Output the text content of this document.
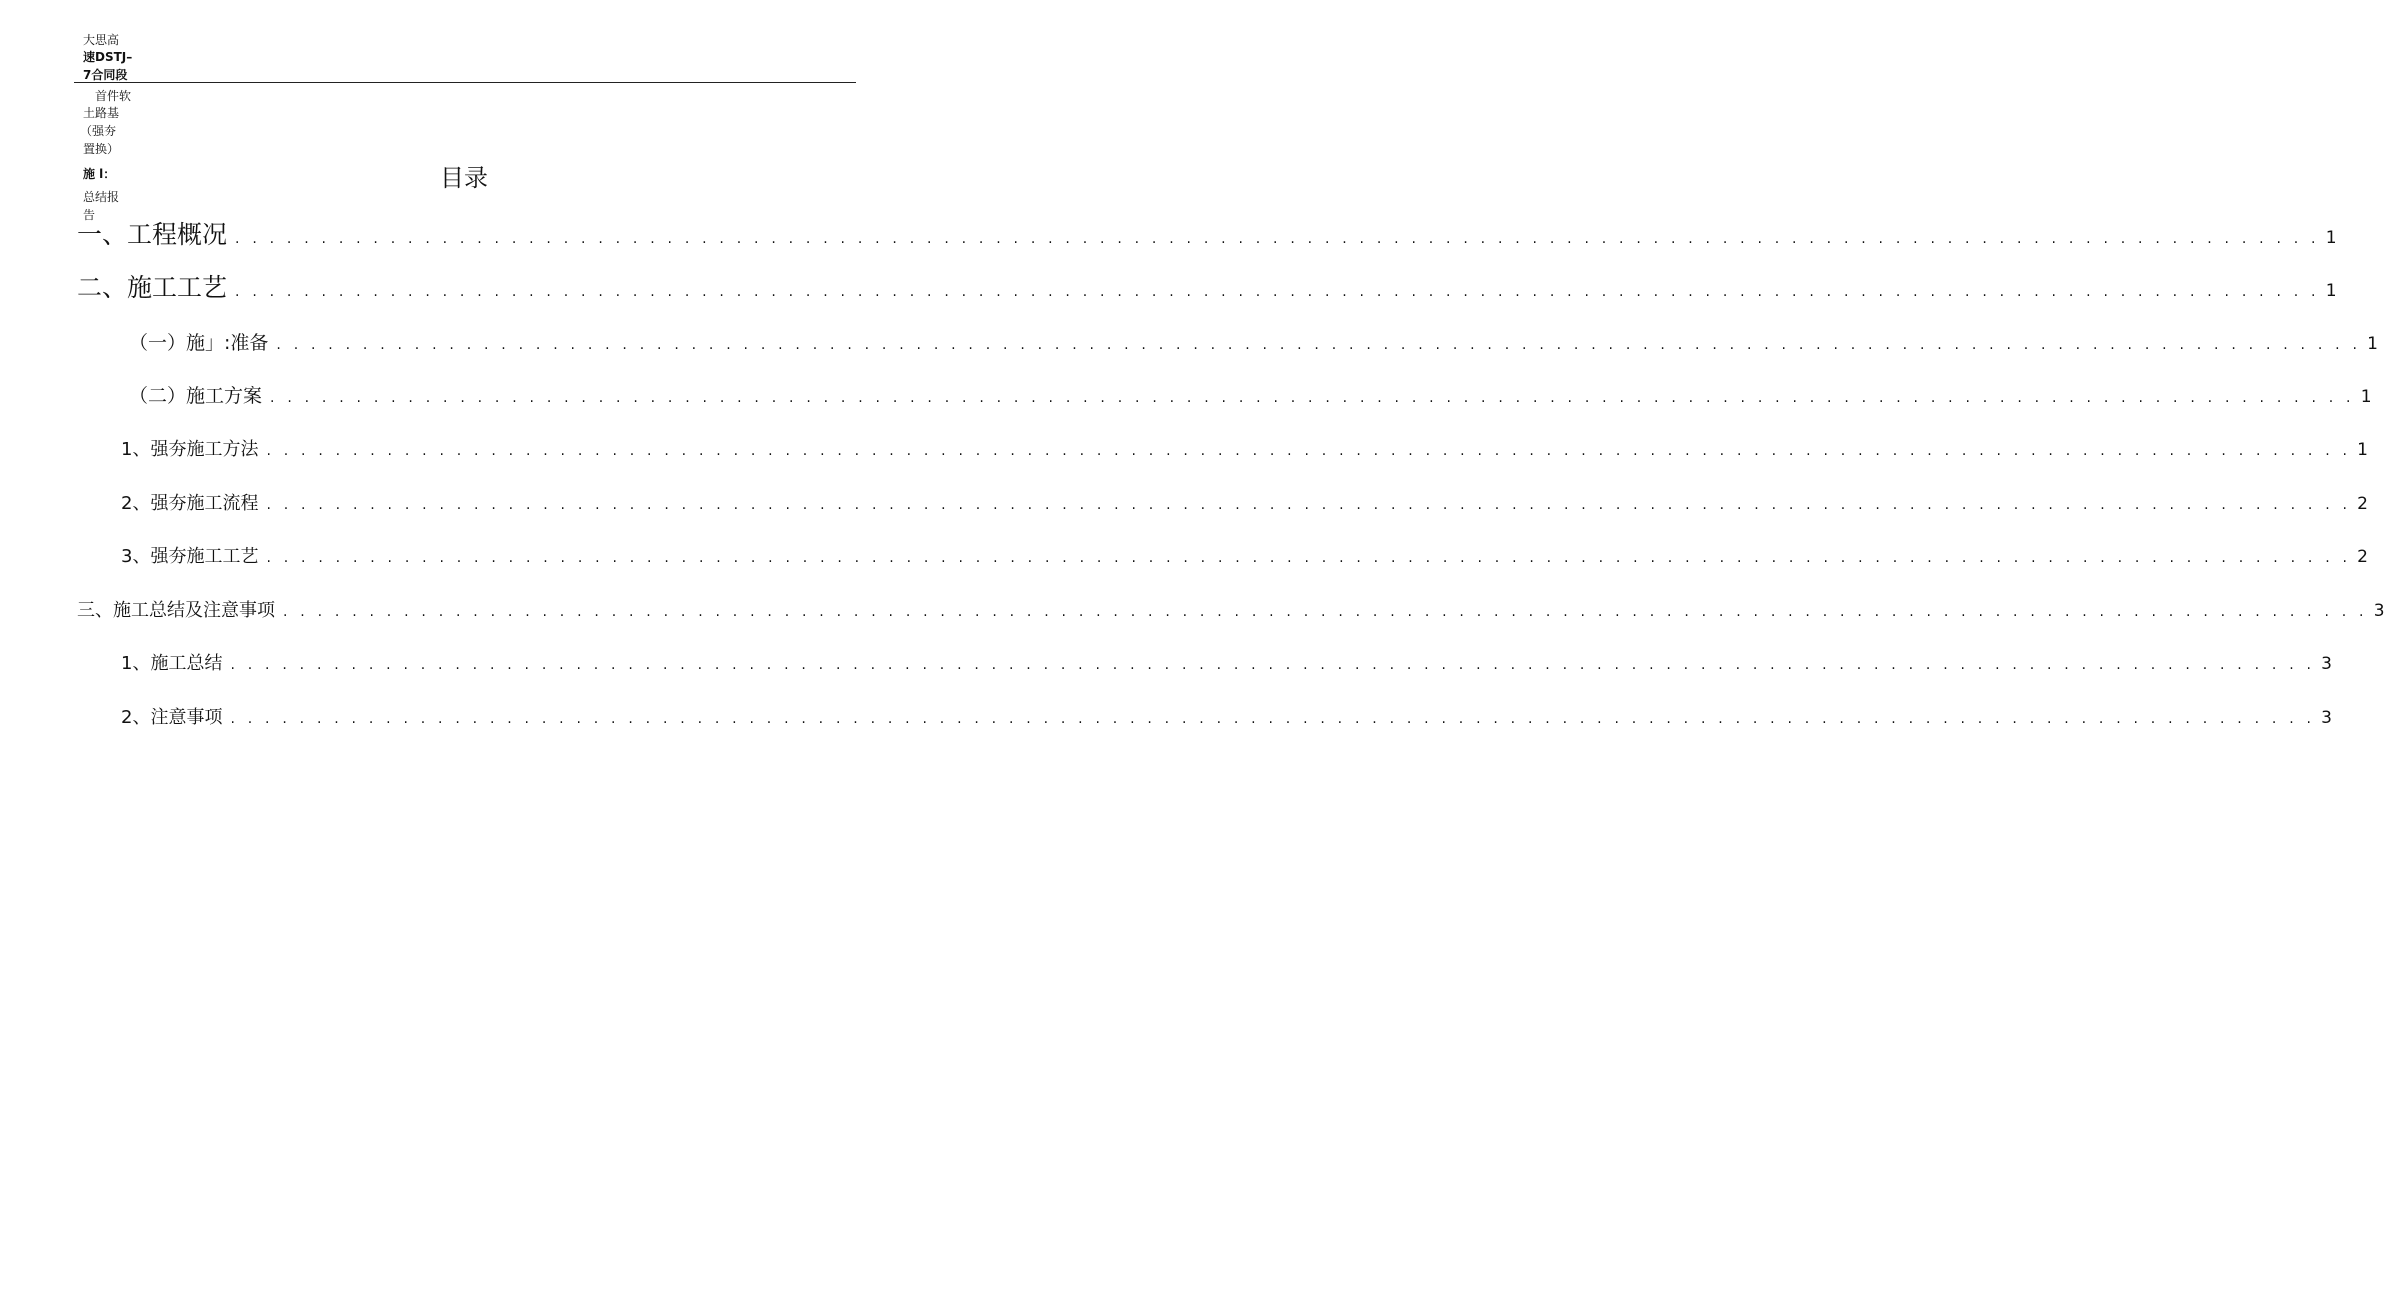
大思高
速DSTJ–
7合同段
首件软
土路基
（强夯
置换）
施 l：
总结报
告
目录
一、工程概况 . . . . . . . . . . . . . . . . . . . . . . . . . . . . . . . . . . . . . . . . . . . . . . . . . . . . . . . . . . . . . . . . . . . . . . . . . . . . . . . . . . . . . . . . . . . . . . . . . . . . . . . . . . . . . . . . . . . . . . . . . 1
二、施工工艺 . . . . . . . . . . . . . . . . . . . . . . . . . . . . . . . . . . . . . . . . . . . . . . . . . . . . . . . . . . . . . . . . . . . . . . . . . . . . . . . . . . . . . . . . . . . . . . . . . . . . . . . . . . . . . . . . . . . . . . . . . 1
（一）施」:准备 . . . . . . . . . . . . . . . . . . . . . . . . . . . . . . . . . . . . . . . . . . . . . . . . . . . . . . . . . . . . . . . . . . . . . . . . . . . . . . . . . . . . . . . . . . . . . . . . . . . . . . . . . . . . . . . . . . . . . . . . . 1
（二）施工方案 . . . . . . . . . . . . . . . . . . . . . . . . . . . . . . . . . . . . . . . . . . . . . . . . . . . . . . . . . . . . . . . . . . . . . . . . . . . . . . . . . . . . . . . . . . . . . . . . . . . . . . . . . . . . . . . . . . . . . . . . . 1
1、强夯施工方法 . . . . . . . . . . . . . . . . . . . . . . . . . . . . . . . . . . . . . . . . . . . . . . . . . . . . . . . . . . . . . . . . . . . . . . . . . . . . . . . . . . . . . . . . . . . . . . . . . . . . . . . . . . . . . . . . . . . . . . . . . 1
2、强夯施工流程 . . . . . . . . . . . . . . . . . . . . . . . . . . . . . . . . . . . . . . . . . . . . . . . . . . . . . . . . . . . . . . . . . . . . . . . . . . . . . . . . . . . . . . . . . . . . . . . . . . . . . . . . . . . . . . . . . . . . . . . . . 2
3、强夯施工工艺 . . . . . . . . . . . . . . . . . . . . . . . . . . . . . . . . . . . . . . . . . . . . . . . . . . . . . . . . . . . . . . . . . . . . . . . . . . . . . . . . . . . . . . . . . . . . . . . . . . . . . . . . . . . . . . . . . . . . . . . . . 2
三、施工总结及注意事项 . . . . . . . . . . . . . . . . . . . . . . . . . . . . . . . . . . . . . . . . . . . . . . . . . . . . . . . . . . . . . . . . . . . . . . . . . . . . . . . . . . . . . . . . . . . . . . . . . . . . . . . . . . . . . . . . . . . . . . . . . 3
1、施工总结 . . . . . . . . . . . . . . . . . . . . . . . . . . . . . . . . . . . . . . . . . . . . . . . . . . . . . . . . . . . . . . . . . . . . . . . . . . . . . . . . . . . . . . . . . . . . . . . . . . . . . . . . . . . . . . . . . . . . . . . . . 3
2、注意事项 . . . . . . . . . . . . . . . . . . . . . . . . . . . . . . . . . . . . . . . . . . . . . . . . . . . . . . . . . . . . . . . . . . . . . . . . . . . . . . . . . . . . . . . . . . . . . . . . . . . . . . . . . . . . . . . . . . . . . . . . . 3
